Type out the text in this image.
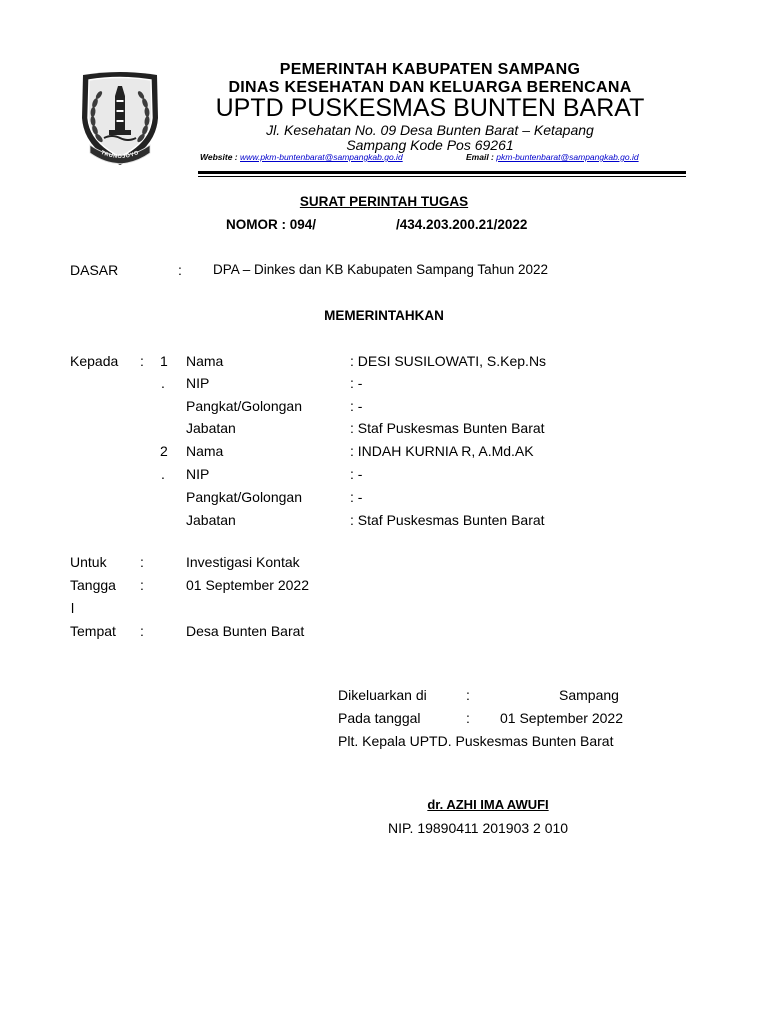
TRUNOJOYO
PEMERINTAH KABUPATEN SAMPANG
DINAS KESEHATAN DAN KELUARGA BERENCANA
UPTD PUSKESMAS BUNTEN BARAT
Jl. Kesehatan No. 09 Desa Bunten Barat – Ketapang
Sampang Kode Pos 69261
Website : www.pkm-buntenbarat@sampangkab.go.id	Email : pkm-buntenbarat@sampangkab.go.id
SURAT PERINTAH TUGAS
NOMOR : 094/	/434.203.200.21/2022
DASAR	: DPA – Dinkes dan KB Kabupaten Sampang Tahun 2022
MEMERINTAHKAN
Kepada : 1
.
Nama	: DESI SUSILOWATI, S.Kep.Ns
NIP	: -
Pangkat/Golongan	: -
Jabatan	: Staf Puskesmas Bunten Barat
2
.
Nama	: INDAH KURNIA R, A.Md.AK
NIP	: -
Pangkat/Golongan	: -
Jabatan	: Staf Puskesmas Bunten Barat
Untuk :	Investigasi Kontak
Tangga :	01 September 2022
l
Tempat :	Desa Bunten Barat
Dikeluarkan di	:	Sampang
Pada tanggal	: 01 September 2022
Plt. Kepala UPTD. Puskesmas Bunten Barat
dr. AZHI IMA AWUFI
NIP. 19890411 201903 2 010
